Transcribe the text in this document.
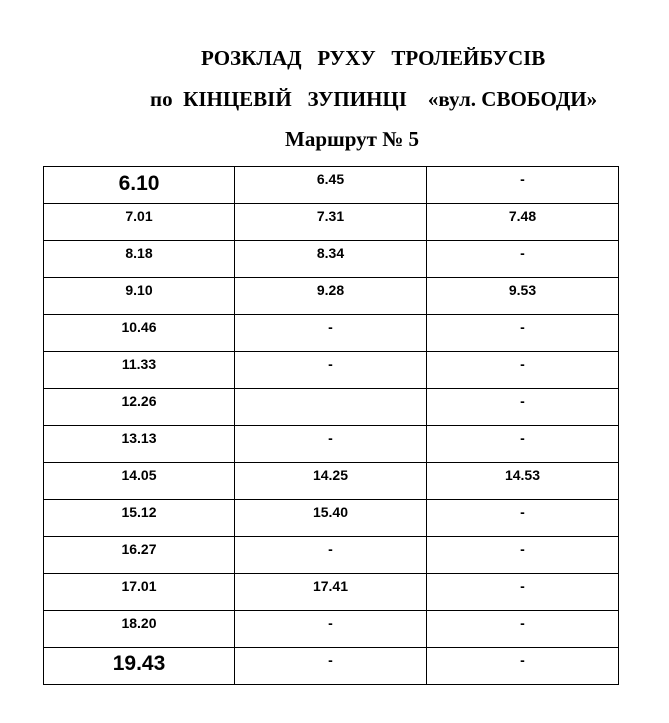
РОЗКЛАД   РУХУ   ТРОЛЕЙБУСІВ
по  КІНЦЕВІЙ   ЗУПИНЦІ    «вул. СВОБОДИ»
Маршрут № 5
6.10	6.45	-

7.01	7.31	7.48

8.18	8.34	-

9.10	9.28	9.53

10.46	-	-

11.33	-	-

12.26		-

13.13	-	-

14.05	14.25	14.53

15.12	15.40	-

16.27	-	-

17.01	17.41	-

18.20	-	-

19.43	-	-
